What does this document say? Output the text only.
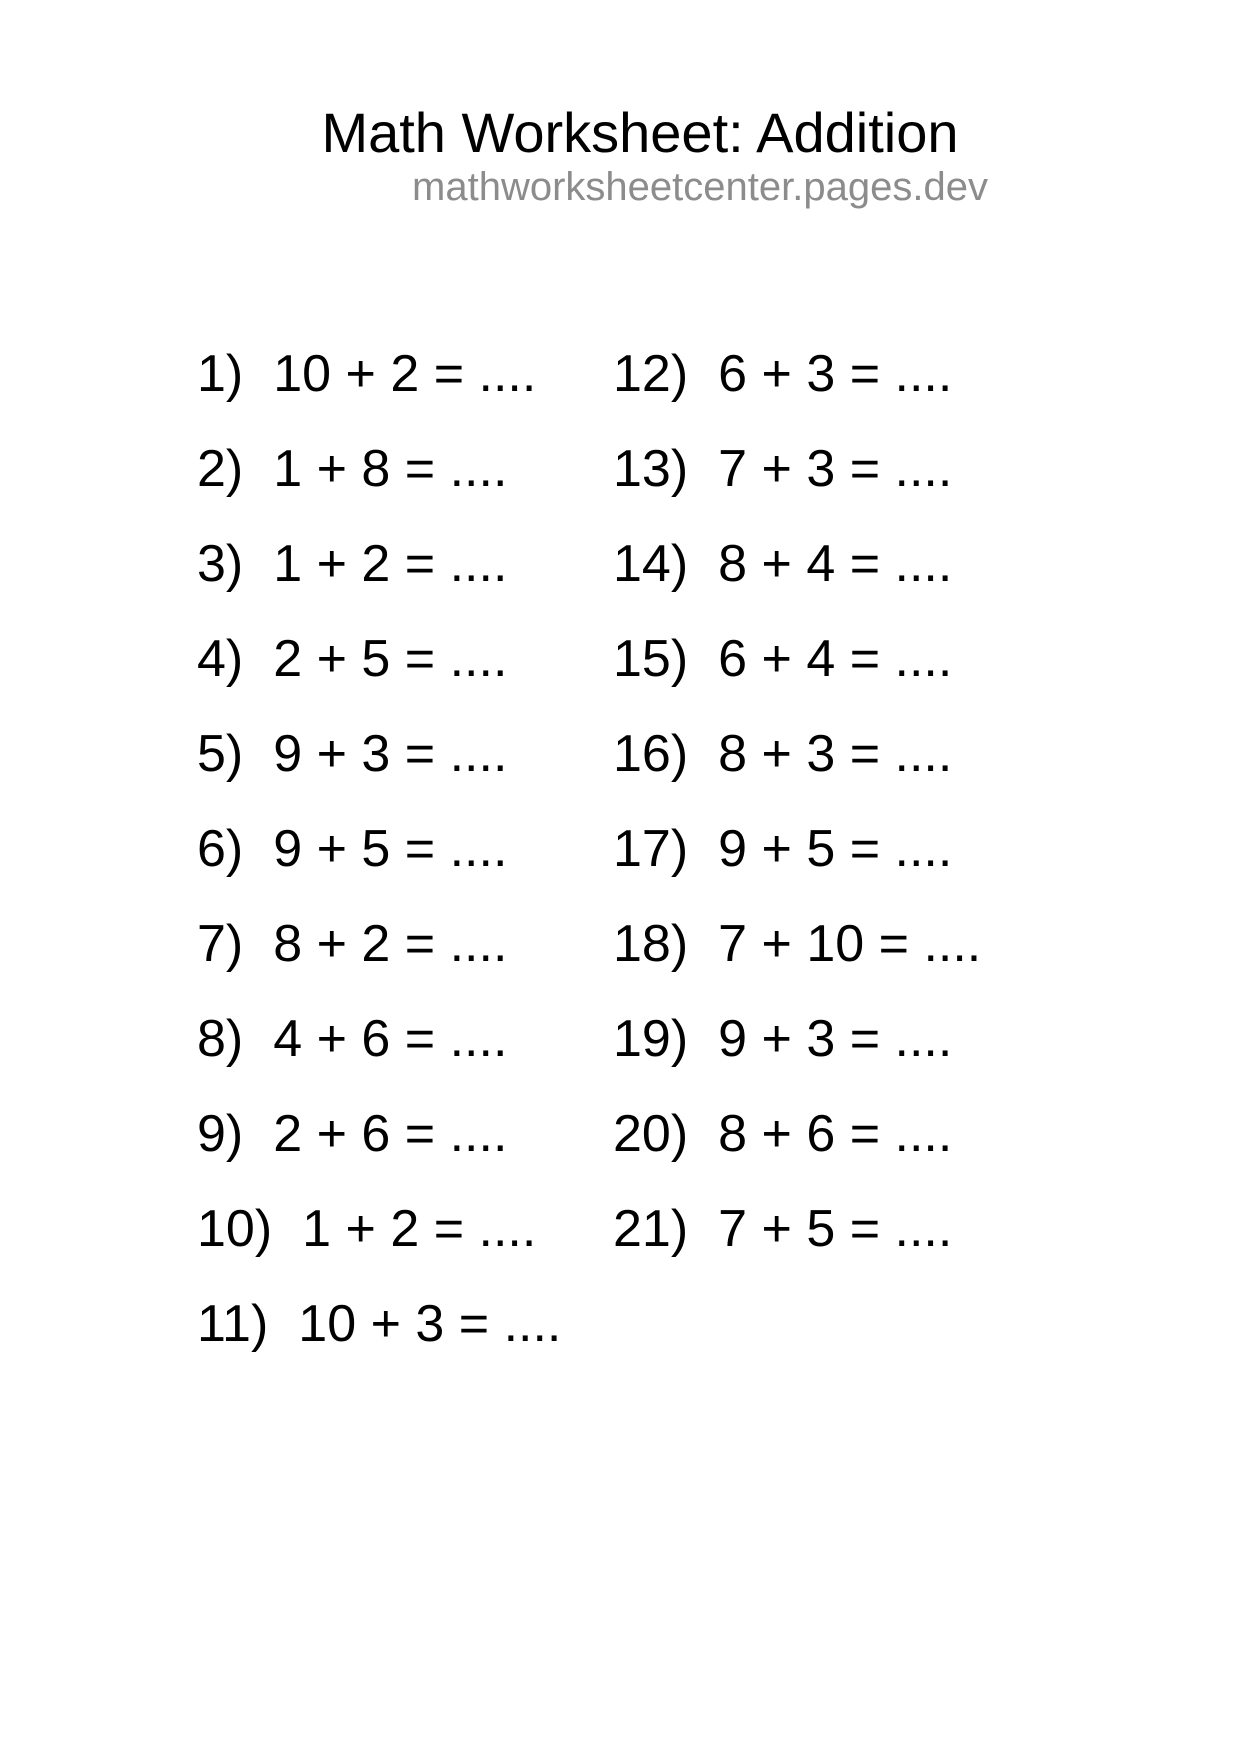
Math Worksheet: Addition
mathworksheetcenter.pages.dev
1) 10 + 2 = ....
2) 1 + 8 = ....
3) 1 + 2 = ....
4) 2 + 5 = ....
5) 9 + 3 = ....
6) 9 + 5 = ....
7) 8 + 2 = ....
8) 4 + 6 = ....
9) 2 + 6 = ....
10) 1 + 2 = ....
11) 10 + 3 = ....
12) 6 + 3 = ....
13) 7 + 3 = ....
14) 8 + 4 = ....
15) 6 + 4 = ....
16) 8 + 3 = ....
17) 9 + 5 = ....
18) 7 + 10 = ....
19) 9 + 3 = ....
20) 8 + 6 = ....
21) 7 + 5 = ....
